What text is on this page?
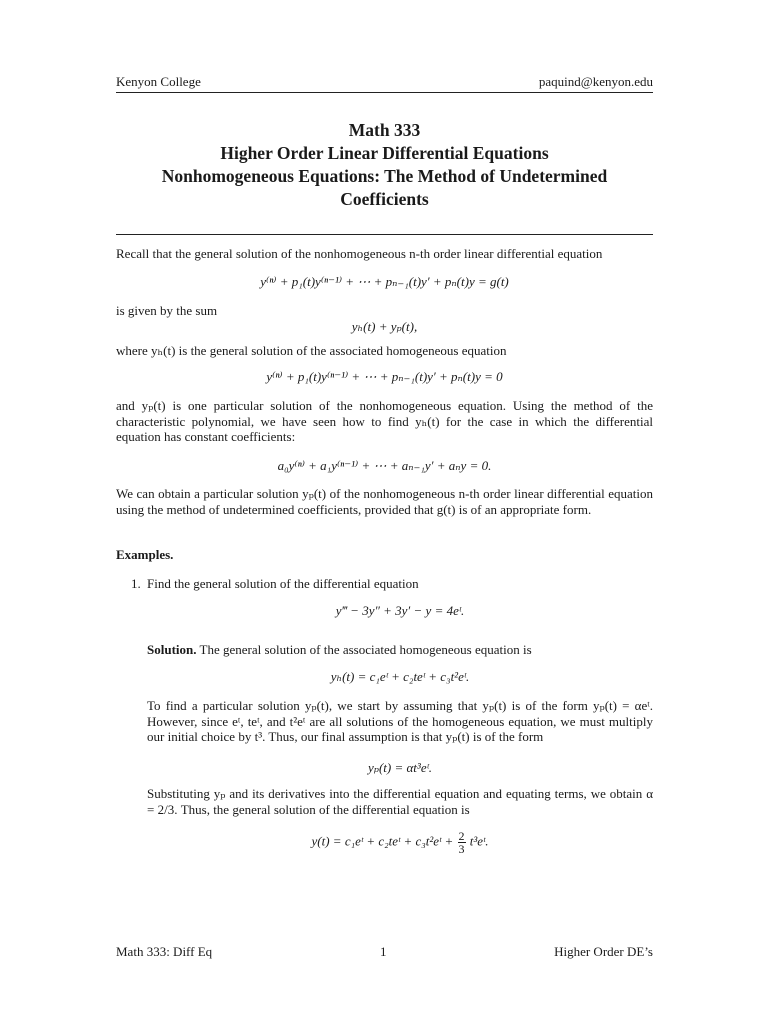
Kenyon College	paquind@kenyon.edu
Math 333
Higher Order Linear Differential Equations
Nonhomogeneous Equations: The Method of Undetermined
Coefficients
Recall that the general solution of the nonhomogeneous n-th order linear differential equation
y⁽ⁿ⁾ + p₁(t)y⁽ⁿ⁻¹⁾ + ⋯ + pₙ₋₁(t)y′ + pₙ(t)y = g(t)
is given by the sum
yₕ(t) + yₚ(t),
where yₕ(t) is the general solution of the associated homogeneous equation
y⁽ⁿ⁾ + p₁(t)y⁽ⁿ⁻¹⁾ + ⋯ + pₙ₋₁(t)y′ + pₙ(t)y = 0
and yₚ(t) is one particular solution of the nonhomogeneous equation. Using the method of the characteristic polynomial, we have seen how to find yₕ(t) for the case in which the differential equation has constant coefficients:
a₀y⁽ⁿ⁾ + a₁y⁽ⁿ⁻¹⁾ + ⋯ + aₙ₋₁y′ + aₙy = 0.
We can obtain a particular solution yₚ(t) of the nonhomogeneous n-th order linear differential equation using the method of undetermined coefficients, provided that g(t) is of an appropriate form.
Examples.
1. Find the general solution of the differential equation
y‴ − 3y″ + 3y′ − y = 4eᵗ.
Solution. The general solution of the associated homogeneous equation is
yₕ(t) = c₁eᵗ + c₂teᵗ + c₃t²eᵗ.
To find a particular solution yₚ(t), we start by assuming that yₚ(t) is of the form yₚ(t) = αeᵗ. However, since eᵗ, teᵗ, and t²eᵗ are all solutions of the homogeneous equation, we must multiply our initial choice by t³. Thus, our final assumption is that yₚ(t) is of the form
yₚ(t) = αt³eᵗ.
Substituting yₚ and its derivatives into the differential equation and equating terms, we obtain α = 2/3. Thus, the general solution of the differential equation is
y(t) = c₁eᵗ + c₂teᵗ + c₃t²eᵗ + $\frac{2}{3}$ t³eᵗ.
Math 333: Diff Eq	1	Higher Order DE’s
